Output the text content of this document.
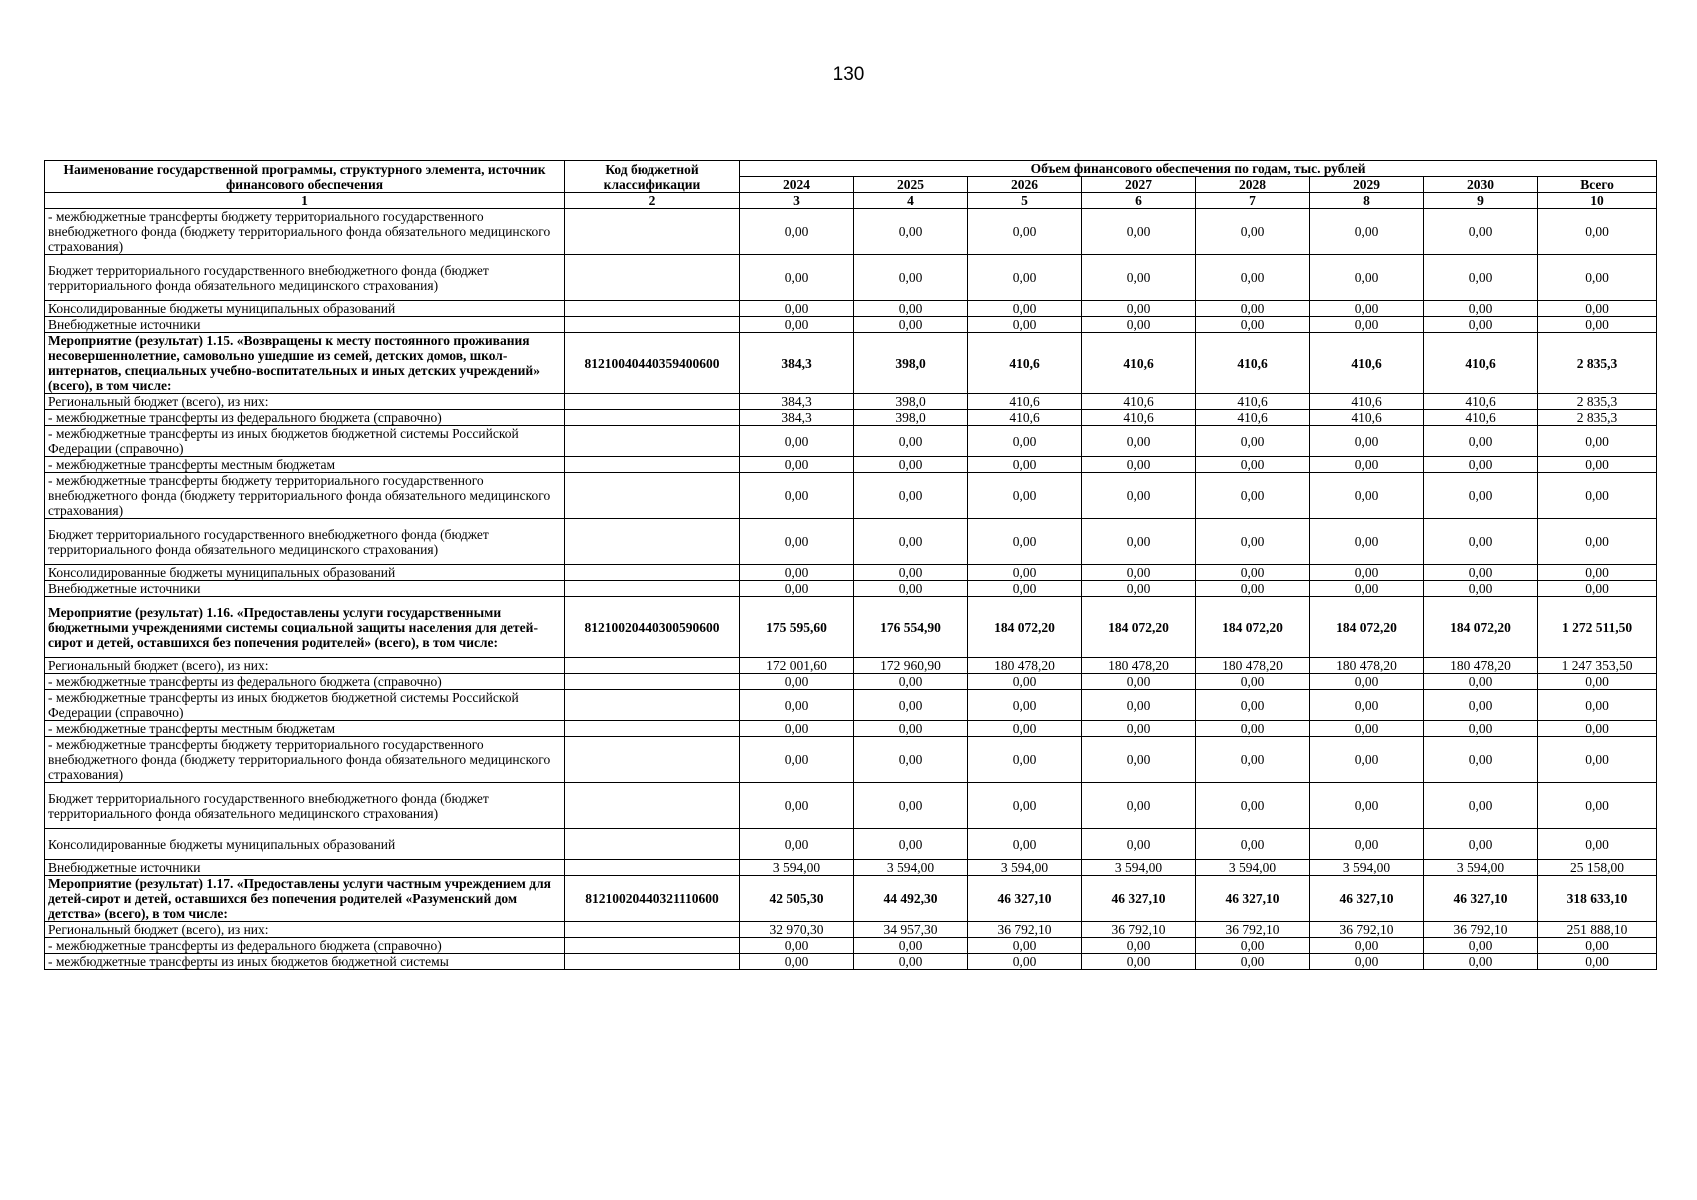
130
Наименование государственной программы, структурного элемента, источник финансового обеспечения	Код бюджетной классификации	Объем финансового обеспечения по годам, тыс. рублей							
		2024	2025	2026	2027	2028	2029	2030	Всего
1	2	3	4	5	6	7	8	9	10
- межбюджетные трансферты бюджету территориального государственного внебюджетного фонда (бюджету территориального фонда обязательного медицинского страхования)		0,00	0,00	0,00	0,00	0,00	0,00	0,00	0,00
Бюджет территориального государственного внебюджетного фонда (бюджет территориального фонда обязательного медицинского страхования)		0,00	0,00	0,00	0,00	0,00	0,00	0,00	0,00
Консолидированные бюджеты муниципальных образований		0,00	0,00	0,00	0,00	0,00	0,00	0,00	0,00
Внебюджетные источники		0,00	0,00	0,00	0,00	0,00	0,00	0,00	0,00
Мероприятие (результат) 1.15. «Возвращены к месту постоянного проживания несовершеннолетние, самовольно ушедшие из семей, детских домов, школ-интернатов, специальных учебно-воспитательных и иных детских учреждений» (всего), в том числе:	81210040440359400600	384,3	398,0	410,6	410,6	410,6	410,6	410,6	2 835,3
Региональный бюджет (всего), из них:		384,3	398,0	410,6	410,6	410,6	410,6	410,6	2 835,3
- межбюджетные трансферты из федерального бюджета (справочно)		384,3	398,0	410,6	410,6	410,6	410,6	410,6	2 835,3
- межбюджетные трансферты из иных бюджетов бюджетной системы Российской Федерации (справочно)		0,00	0,00	0,00	0,00	0,00	0,00	0,00	0,00
- межбюджетные трансферты местным бюджетам		0,00	0,00	0,00	0,00	0,00	0,00	0,00	0,00
- межбюджетные трансферты бюджету территориального государственного внебюджетного фонда (бюджету территориального фонда обязательного медицинского страхования)		0,00	0,00	0,00	0,00	0,00	0,00	0,00	0,00
Бюджет территориального государственного внебюджетного фонда (бюджет территориального фонда обязательного медицинского страхования)		0,00	0,00	0,00	0,00	0,00	0,00	0,00	0,00
Консолидированные бюджеты муниципальных образований		0,00	0,00	0,00	0,00	0,00	0,00	0,00	0,00
Внебюджетные источники		0,00	0,00	0,00	0,00	0,00	0,00	0,00	0,00
Мероприятие (результат) 1.16. «Предоставлены услуги государственными бюджетными учреждениями системы социальной защиты населения для детей-сирот и детей, оставшихся без попечения родителей» (всего), в том числе:	81210020440300590600	175 595,60	176 554,90	184 072,20	184 072,20	184 072,20	184 072,20	184 072,20	1 272 511,50
Региональный бюджет (всего), из них:		172 001,60	172 960,90	180 478,20	180 478,20	180 478,20	180 478,20	180 478,20	1 247 353,50
- межбюджетные трансферты из федерального бюджета (справочно)		0,00	0,00	0,00	0,00	0,00	0,00	0,00	0,00
- межбюджетные трансферты из иных бюджетов бюджетной системы Российской Федерации (справочно)		0,00	0,00	0,00	0,00	0,00	0,00	0,00	0,00
- межбюджетные трансферты местным бюджетам		0,00	0,00	0,00	0,00	0,00	0,00	0,00	0,00
- межбюджетные трансферты бюджету территориального государственного внебюджетного фонда (бюджету территориального фонда обязательного медицинского страхования)		0,00	0,00	0,00	0,00	0,00	0,00	0,00	0,00
Бюджет территориального государственного внебюджетного фонда (бюджет территориального фонда обязательного медицинского страхования)		0,00	0,00	0,00	0,00	0,00	0,00	0,00	0,00
Консолидированные бюджеты муниципальных образований		0,00	0,00	0,00	0,00	0,00	0,00	0,00	0,00
Внебюджетные источники		3 594,00	3 594,00	3 594,00	3 594,00	3 594,00	3 594,00	3 594,00	25 158,00
Мероприятие (результат) 1.17. «Предоставлены услуги частным учреждением для детей-сирот и детей, оставшихся без попечения родителей «Разуменский дом детства» (всего), в том числе:	81210020440321110600	42 505,30	44 492,30	46 327,10	46 327,10	46 327,10	46 327,10	46 327,10	318 633,10
Региональный бюджет (всего), из них:		32 970,30	34 957,30	36 792,10	36 792,10	36 792,10	36 792,10	36 792,10	251 888,10
- межбюджетные трансферты из федерального бюджета (справочно)		0,00	0,00	0,00	0,00	0,00	0,00	0,00	0,00
- межбюджетные трансферты из иных бюджетов бюджетной системы		0,00	0,00	0,00	0,00	0,00	0,00	0,00	0,00
